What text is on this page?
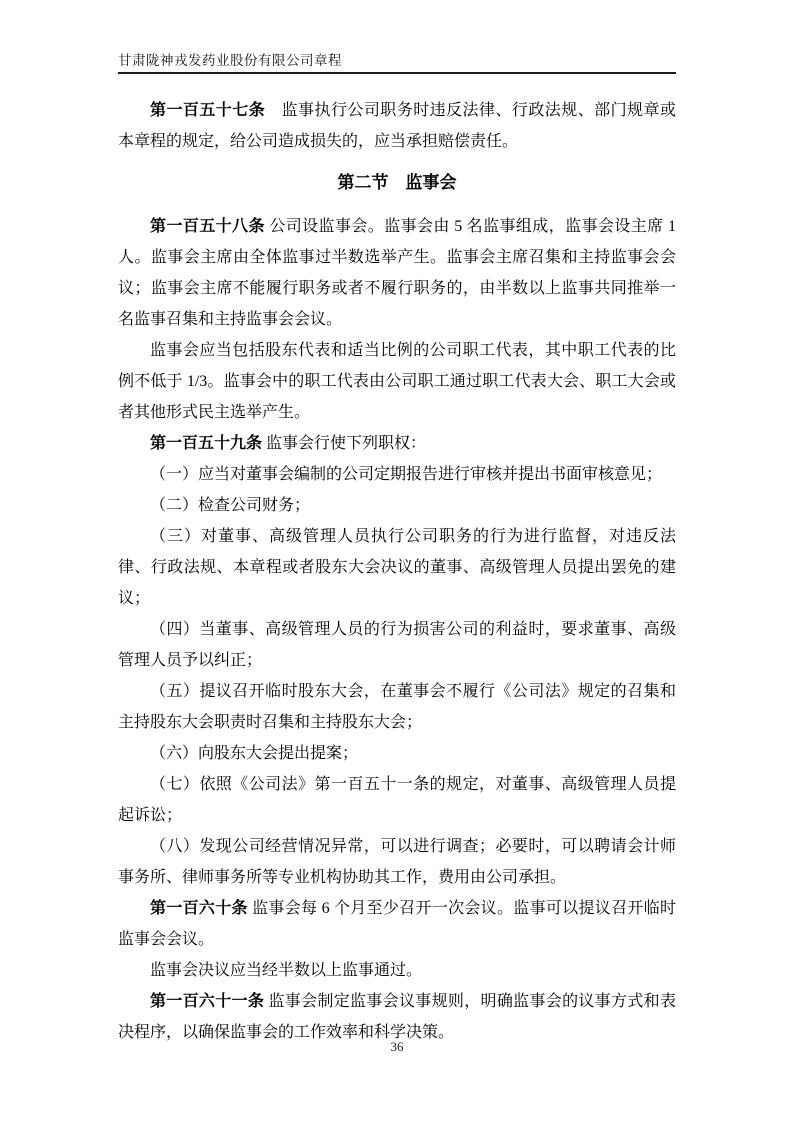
甘肃陇神戎发药业股份有限公司章程
第一百五十七条　 监事执行公司职务时违反法律、行政法规、部门规章或本章程的规定，给公司造成损失的，应当承担赔偿责任。
第二节　监事会
第一百五十八条 公司设监事会。监事会由 5 名监事组成，监事会设主席 1 人。监事会主席由全体监事过半数选举产生。监事会主席召集和主持监事会会议；监事会主席不能履行职务或者不履行职务的，由半数以上监事共同推举一名监事召集和主持监事会会议。
监事会应当包括股东代表和适当比例的公司职工代表，其中职工代表的比例不低于 1/3。监事会中的职工代表由公司职工通过职工代表大会、职工大会或者其他形式民主选举产生。
第一百五十九条 监事会行使下列职权：
（一）应当对董事会编制的公司定期报告进行审核并提出书面审核意见；
（二）检查公司财务；
（三）对董事、高级管理人员执行公司职务的行为进行监督，对违反法律、行政法规、本章程或者股东大会决议的董事、高级管理人员提出罢免的建议；
（四）当董事、高级管理人员的行为损害公司的利益时，要求董事、高级管理人员予以纠正；
（五）提议召开临时股东大会，在董事会不履行《公司法》规定的召集和主持股东大会职责时召集和主持股东大会；
（六）向股东大会提出提案；
（七）依照《公司法》第一百五十一条的规定，对董事、高级管理人员提起诉讼；
（八）发现公司经营情况异常，可以进行调查；必要时，可以聘请会计师事务所、律师事务所等专业机构协助其工作，费用由公司承担。
第一百六十条 监事会每 6 个月至少召开一次会议。监事可以提议召开临时监事会会议。
监事会决议应当经半数以上监事通过。
第一百六十一条 监事会制定监事会议事规则，明确监事会的议事方式和表决程序，以确保监事会的工作效率和科学决策。
36
